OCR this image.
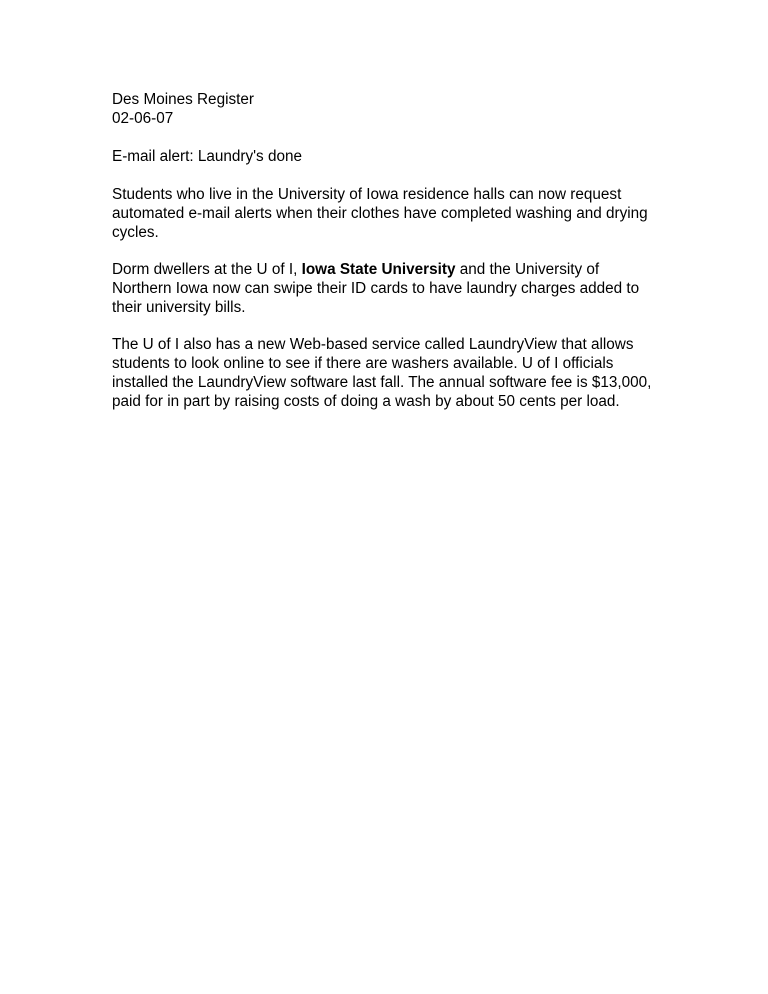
Des Moines Register
02-06-07
E-mail alert: Laundry's done
Students who live in the University of Iowa residence halls can now request
automated e-mail alerts when their clothes have completed washing and drying
cycles.
Dorm dwellers at the U of I, Iowa State University and the University of
Northern Iowa now can swipe their ID cards to have laundry charges added to
their university bills.
The U of I also has a new Web-based service called LaundryView that allows
students to look online to see if there are washers available. U of I officials
installed the LaundryView software last fall. The annual software fee is $13,000,
paid for in part by raising costs of doing a wash by about 50 cents per load.
